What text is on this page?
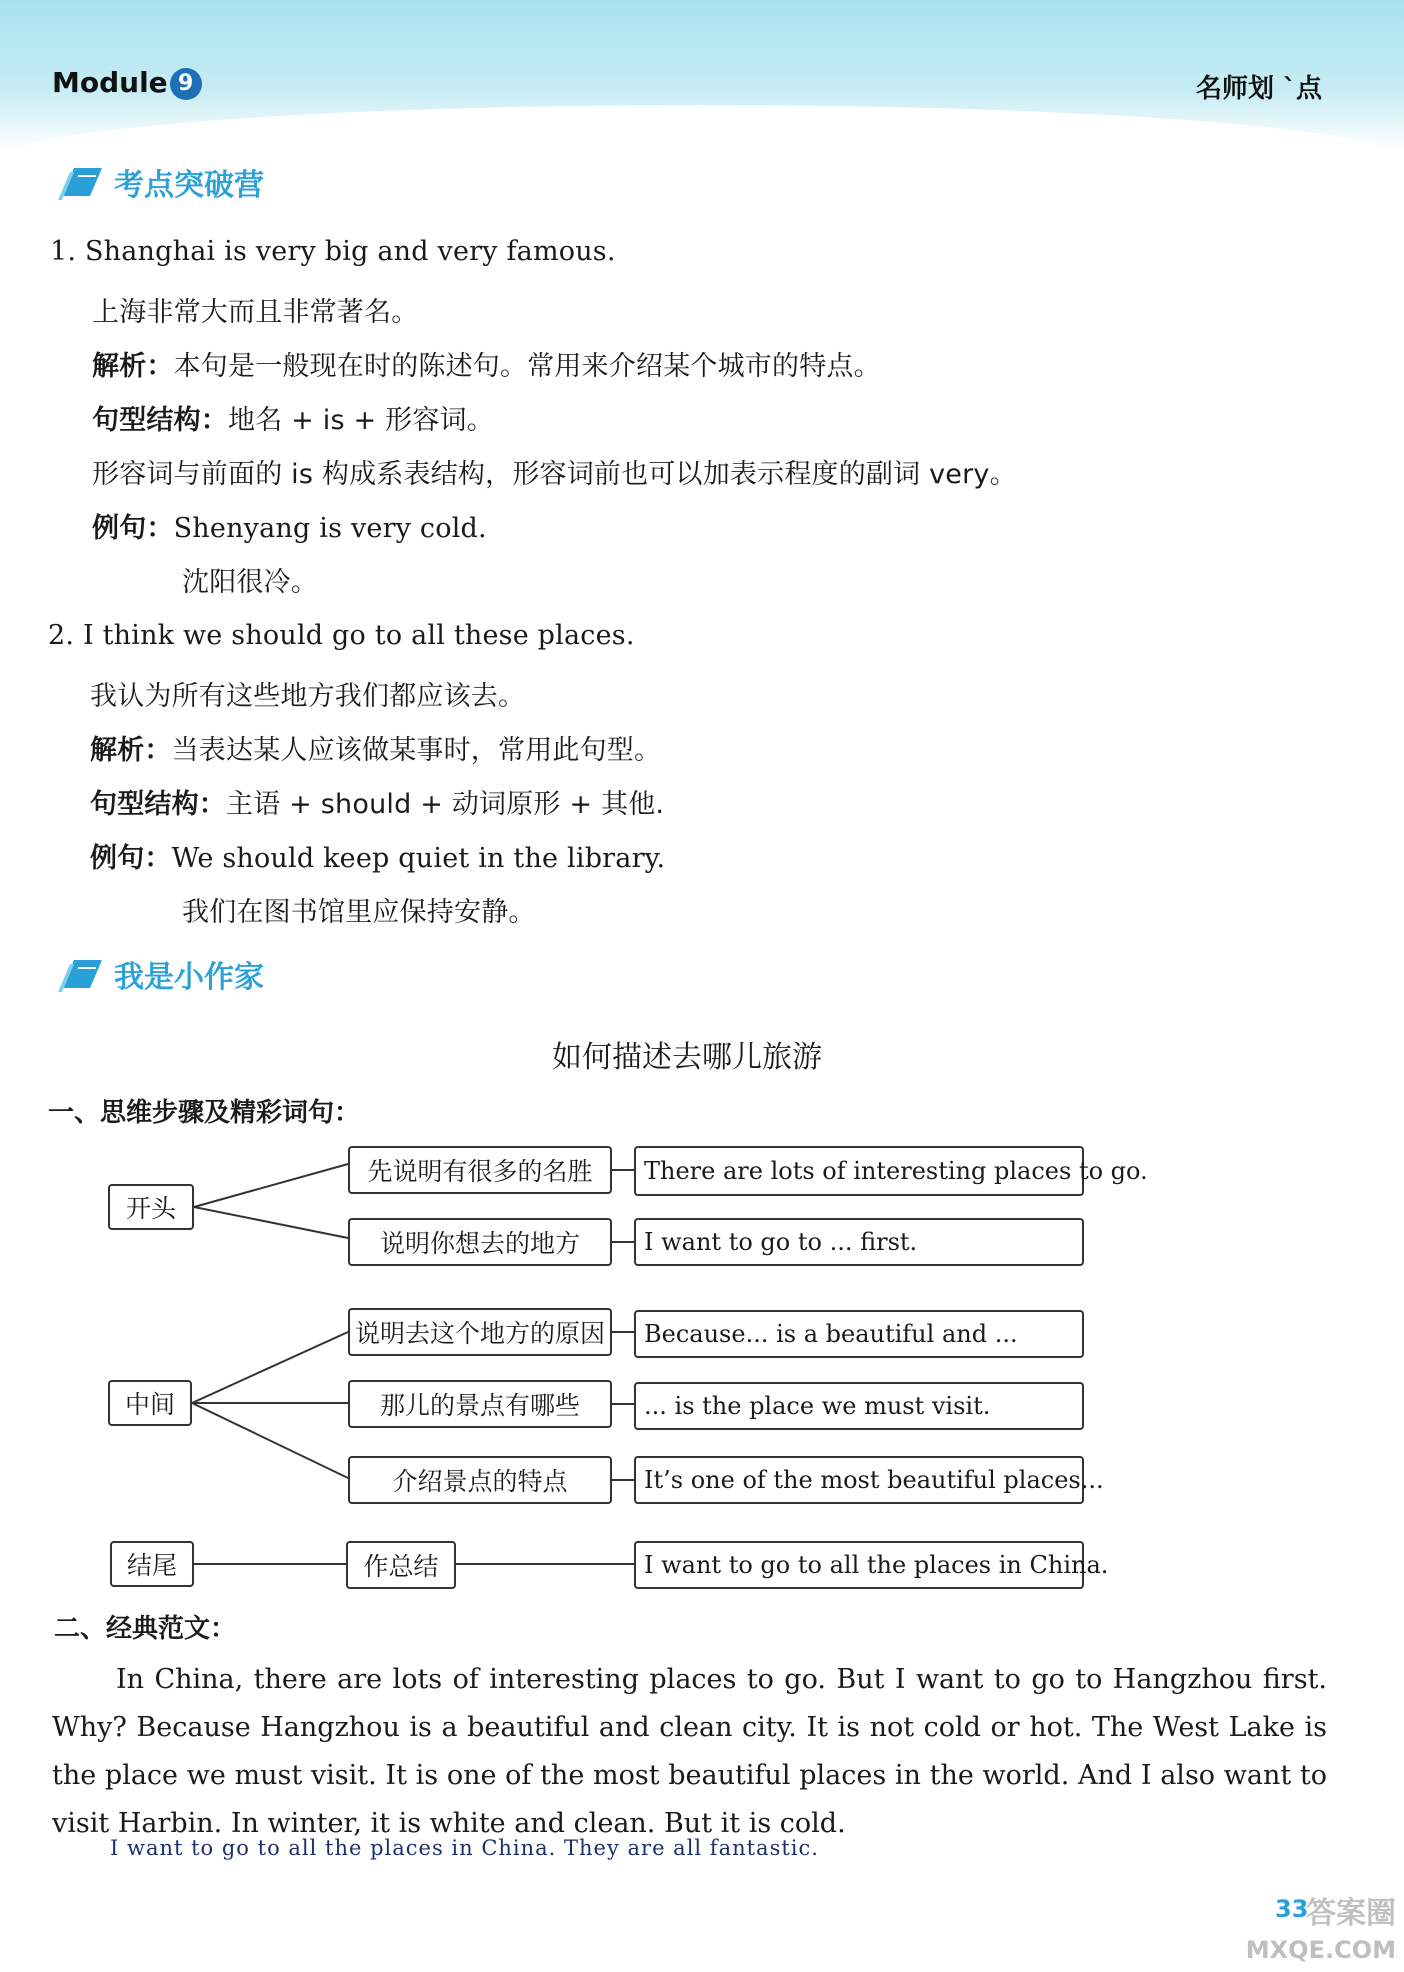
Module 9	名师划 `点
考点突破营
1. Shanghai is very big and very famous.
上海非常大而且非常著名。
解析：本句是一般现在时的陈述句。常用来介绍某个城市的特点。
句型结构：地名 + is + 形容词。
形容词与前面的 is 构成系表结构，形容词前也可以加表示程度的副词 very。
例句：Shenyang is very cold.
沈阳很冷。
2. I think we should go to all these places.
我认为所有这些地方我们都应该去。
解析：当表达某人应该做某事时，常用此句型。
句型结构：主语 + should + 动词原形 + 其他.
例句：We should keep quiet in the library.
我们在图书馆里应保持安静。
我是小作家
如何描述去哪儿旅游
一、思维步骤及精彩词句：
开头
中间
结尾
先说明有很多的名胜
说明你想去的地方
说明去这个地方的原因
那儿的景点有哪些
介绍景点的特点
作总结
There are lots of interesting places to go.
I want to go to ... first.
Because... is a beautiful and ...
... is the place we must visit.
It’s one of the most beautiful places...
I want to go to all the places in China.
二、经典范文：
In China, there are lots of interesting places to go. But I want to go to Hangzhou first. Why? Because Hangzhou is a beautiful and clean city. It is not cold or hot. The West Lake is the place we must visit. It is one of the most beautiful places in the world. And I also want to visit Harbin. In winter, it is white and clean. But it is cold.
I want to go to all the places in China. They are all fantastic.
33
答案圈
MXQE.COM
